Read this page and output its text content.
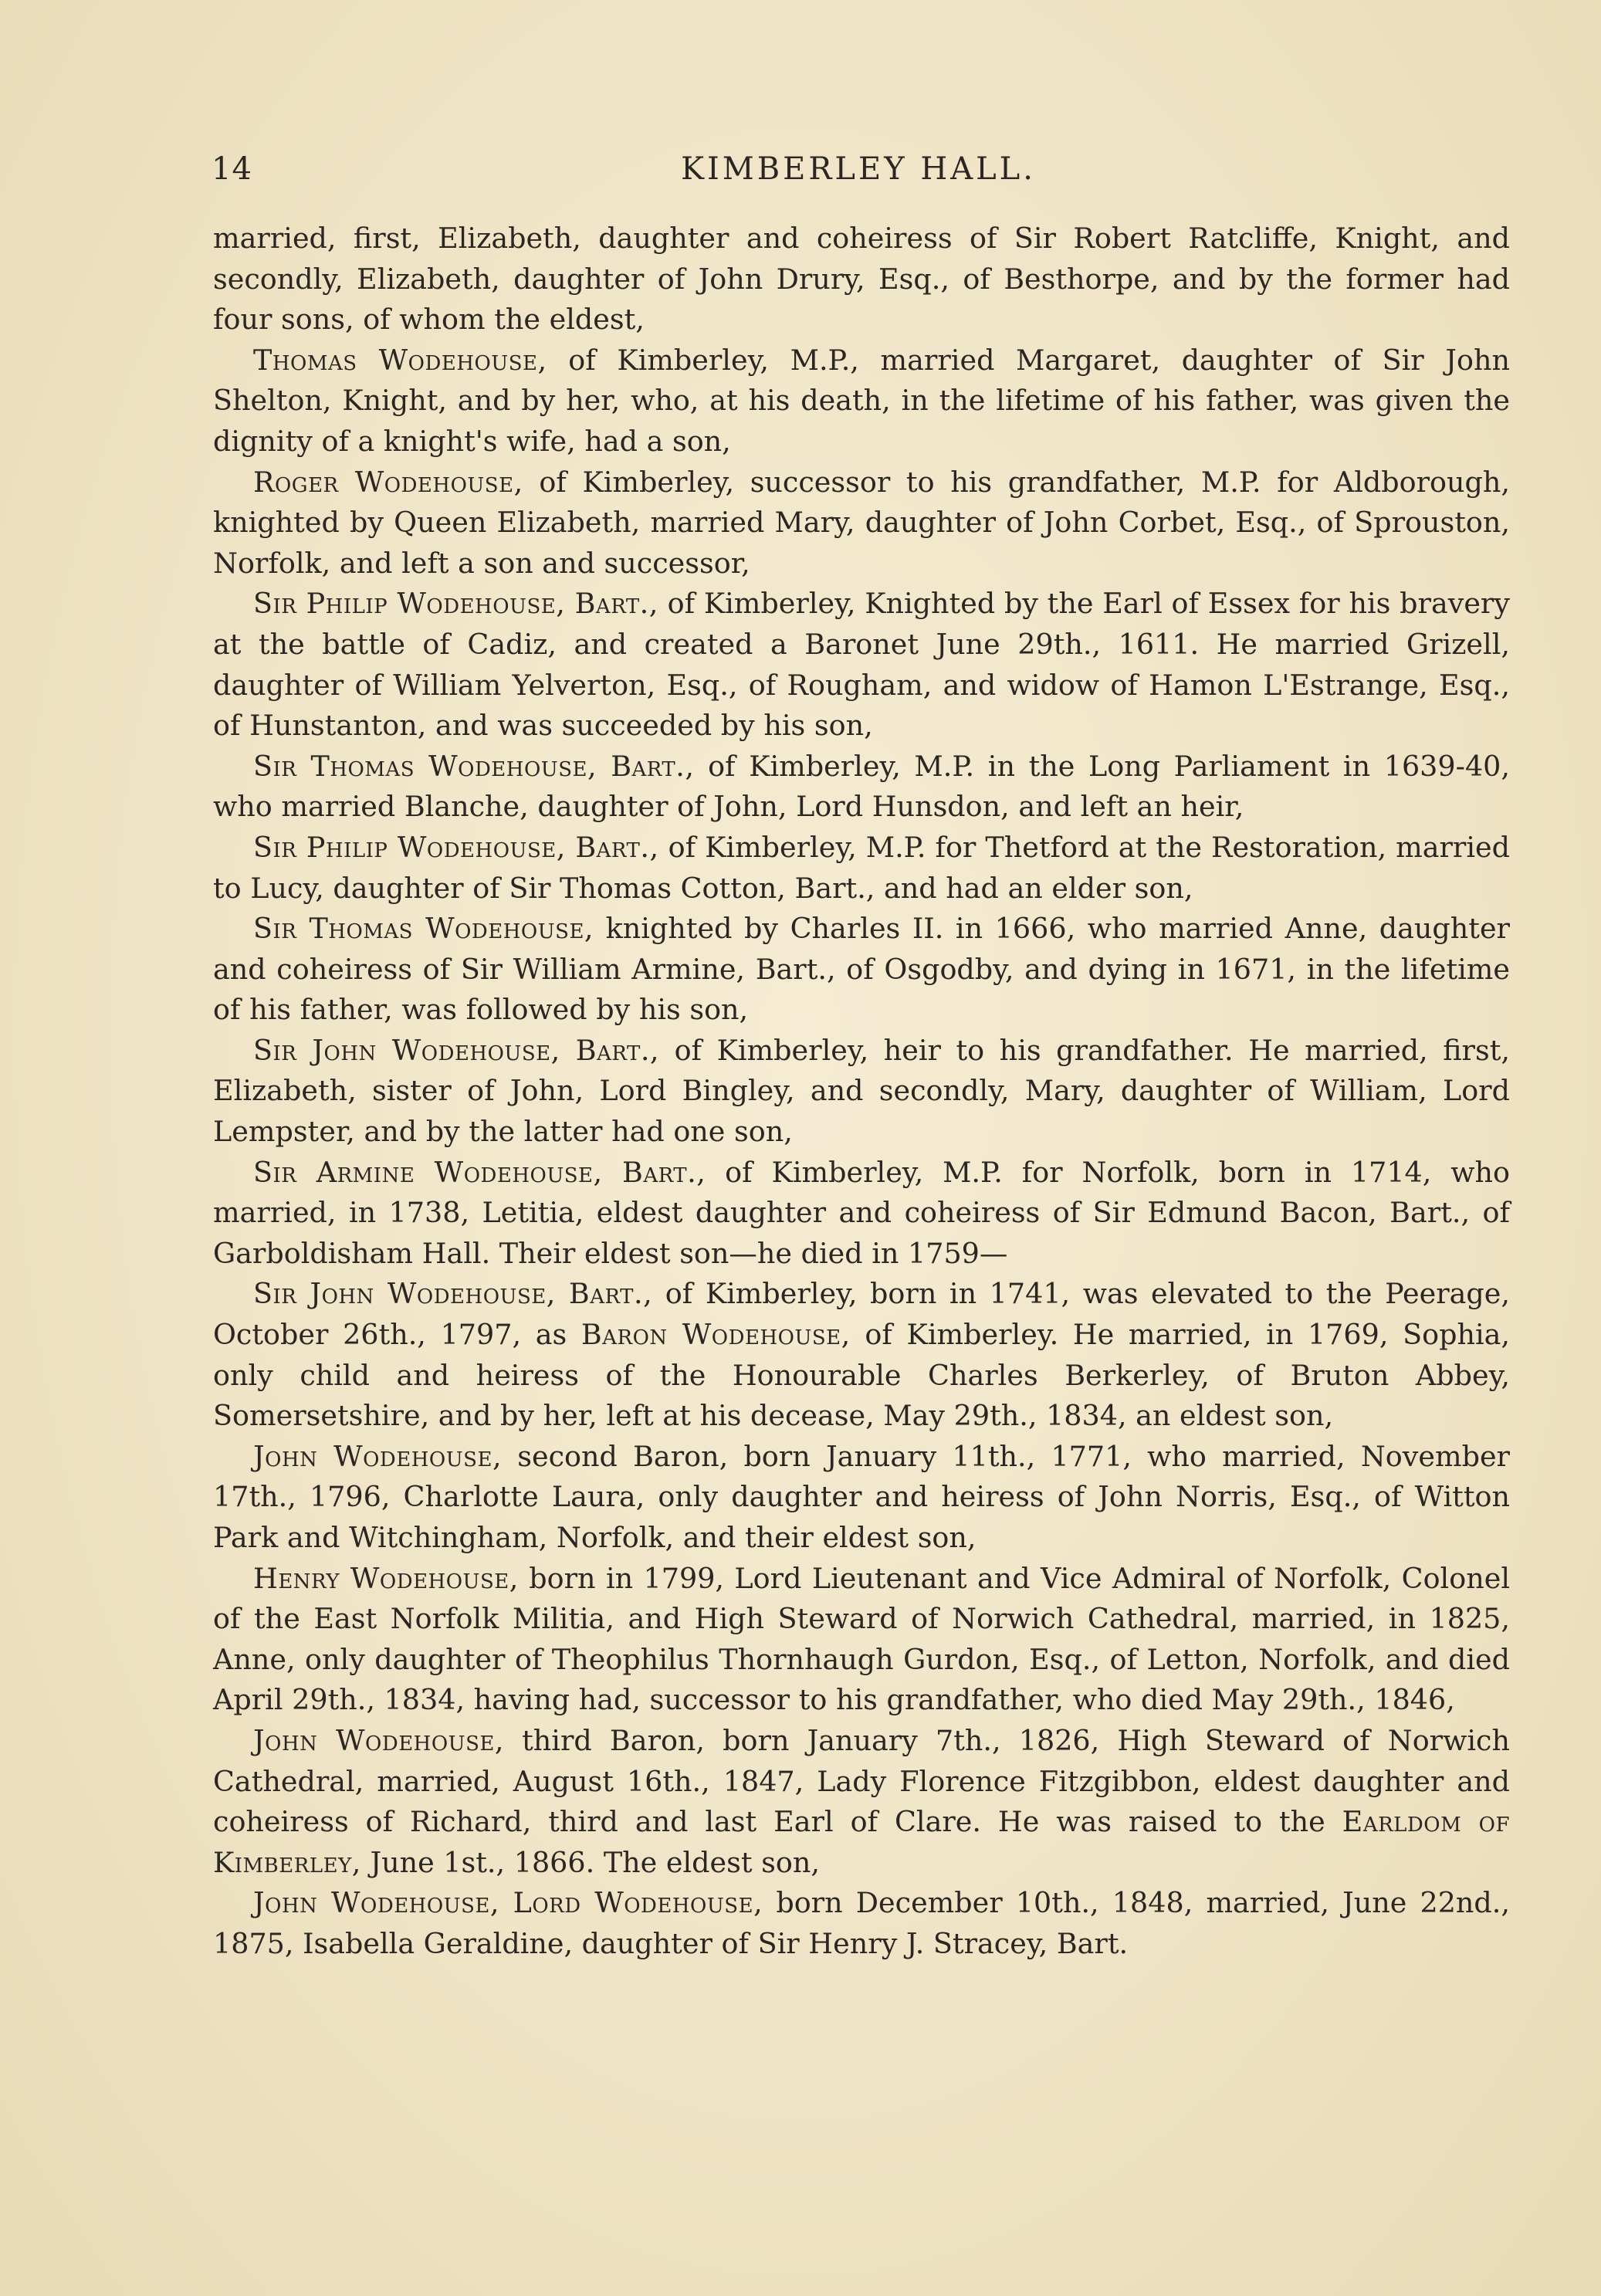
14	KIMBERLEY HALL.

married, first, Elizabeth, daughter and coheiress of Sir Robert Ratcliffe, Knight, and secondly, Elizabeth, daughter of John Drury, Esq., of Besthorpe, and by the former had four sons, of whom the eldest,

Thomas Wodehouse, of Kimberley, M.P., married Margaret, daughter of Sir John Shelton, Knight, and by her, who, at his death, in the lifetime of his father, was given the dignity of a knight's wife, had a son,

Roger Wodehouse, of Kimberley, successor to his grandfather, M.P. for Aldborough, knighted by Queen Elizabeth, married Mary, daughter of John Corbet, Esq., of Sprouston, Norfolk, and left a son and successor,

Sir Philip Wodehouse, Bart., of Kimberley, Knighted by the Earl of Essex for his bravery at the battle of Cadiz, and created a Baronet June 29th., 1611. He married Grizell, daughter of William Yelverton, Esq., of Rougham, and widow of Hamon L'Estrange, Esq., of Hunstanton, and was succeeded by his son,

Sir Thomas Wodehouse, Bart., of Kimberley, M.P. in the Long Parliament in 1639-40, who married Blanche, daughter of John, Lord Hunsdon, and left an heir,

Sir Philip Wodehouse, Bart., of Kimberley, M.P. for Thetford at the Restoration, married to Lucy, daughter of Sir Thomas Cotton, Bart., and had an elder son,

Sir Thomas Wodehouse, knighted by Charles II. in 1666, who married Anne, daughter and coheiress of Sir William Armine, Bart., of Osgodby, and dying in 1671, in the lifetime of his father, was followed by his son,

Sir John Wodehouse, Bart., of Kimberley, heir to his grandfather. He married, first, Elizabeth, sister of John, Lord Bingley, and secondly, Mary, daughter of William, Lord Lempster, and by the latter had one son,

Sir Armine Wodehouse, Bart., of Kimberley, M.P. for Norfolk, born in 1714, who married, in 1738, Letitia, eldest daughter and coheiress of Sir Edmund Bacon, Bart., of Garboldisham Hall. Their eldest son—he died in 1759—

Sir John Wodehouse, Bart., of Kimberley, born in 1741, was elevated to the Peerage, October 26th., 1797, as Baron Wodehouse, of Kimberley. He married, in 1769, Sophia, only child and heiress of the Honourable Charles Berkerley, of Bruton Abbey, Somersetshire, and by her, left at his decease, May 29th., 1834, an eldest son,

John Wodehouse, second Baron, born January 11th., 1771, who married, November 17th., 1796, Charlotte Laura, only daughter and heiress of John Norris, Esq., of Witton Park and Witchingham, Norfolk, and their eldest son,

Henry Wodehouse, born in 1799, Lord Lieutenant and Vice Admiral of Norfolk, Colonel of the East Norfolk Militia, and High Steward of Norwich Cathedral, married, in 1825, Anne, only daughter of Theophilus Thornhaugh Gurdon, Esq., of Letton, Norfolk, and died April 29th., 1834, having had, successor to his grandfather, who died May 29th., 1846,

John Wodehouse, third Baron, born January 7th., 1826, High Steward of Norwich Cathedral, married, August 16th., 1847, Lady Florence Fitzgibbon, eldest daughter and coheiress of Richard, third and last Earl of Clare. He was raised to the Earldom of Kimberley, June 1st., 1866. The eldest son,

John Wodehouse, Lord Wodehouse, born December 10th., 1848, married, June 22nd., 1875, Isabella Geraldine, daughter of Sir Henry J. Stracey, Bart.
